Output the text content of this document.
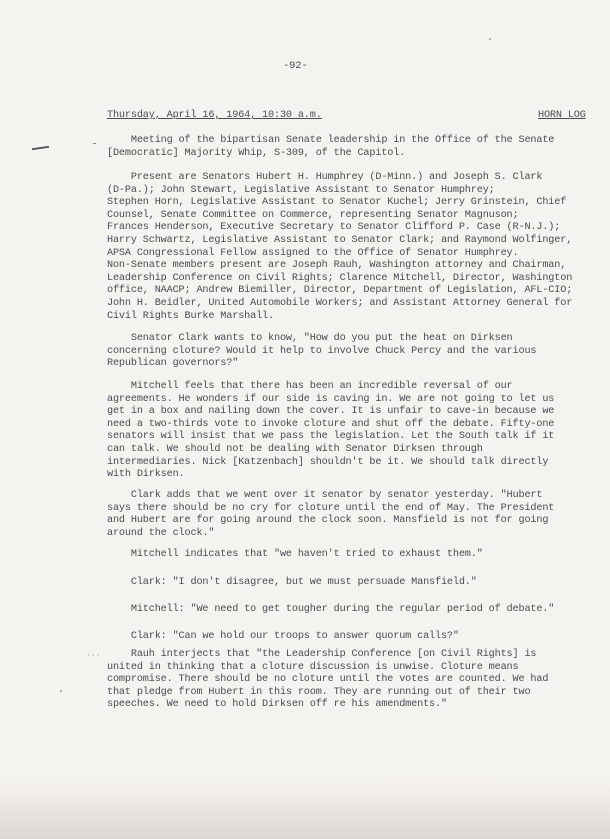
-92-
Thursday, April 16, 1964, 10:30 a.m.	HORN LOG
Meeting of the bipartisan Senate leadership in the Office of the Senate
[Democratic] Majority Whip, S-309, of the Capitol.
Present are Senators Hubert H. Humphrey (D-Minn.) and Joseph S. Clark
(D-Pa.); John Stewart, Legislative Assistant to Senator Humphrey;
Stephen Horn, Legislative Assistant to Senator Kuchel; Jerry Grinstein, Chief
Counsel, Senate Committee on Commerce, representing Senator Magnuson;
Frances Henderson, Executive Secretary to Senator Clifford P. Case (R-N.J.);
Harry Schwartz, Legislative Assistant to Senator Clark; and Raymond Wolfinger,
APSA Congressional Fellow assigned to the Office of Senator Humphrey.
Non-Senate members present are Joseph Rauh, Washington attorney and Chairman,
Leadership Conference on Civil Rights; Clarence Mitchell, Director, Washington
office, NAACP; Andrew Biemiller, Director, Department of Legislation, AFL-CIO;
John H. Beidler, United Automobile Workers; and Assistant Attorney General for
Civil Rights Burke Marshall.
Senator Clark wants to know, "How do you put the heat on Dirksen
concerning cloture? Would it help to involve Chuck Percy and the various
Republican governors?"
Mitchell feels that there has been an incredible reversal of our
agreements. He wonders if our side is caving in. We are not going to let us
get in a box and nailing down the cover. It is unfair to cave-in because we
need a two-thirds vote to invoke cloture and shut off the debate. Fifty-one
senators will insist that we pass the legislation. Let the South talk if it
can talk. We should not be dealing with Senator Dirksen through
intermediaries. Nick [Katzenbach] shouldn't be it. We should talk directly
with Dirksen.
Clark adds that we went over it senator by senator yesterday. "Hubert
says there should be no cry for cloture until the end of May. The President
and Hubert are for going around the clock soon. Mansfield is not for going
around the clock."
Mitchell indicates that "we haven't tried to exhaust them."
Clark: "I don't disagree, but we must persuade Mansfield."
Mitchell: "We need to get tougher during the regular period of debate."
Clark: "Can we hold our troops to answer quorum calls?"
Rauh interjects that "the Leadership Conference [on Civil Rights] is
united in thinking that a cloture discussion is unwise. Cloture means
compromise. There should be no cloture until the votes are counted. We had
that pledge from Hubert in this room. They are running out of their two
speeches. We need to hold Dirksen off re his amendments."
···
